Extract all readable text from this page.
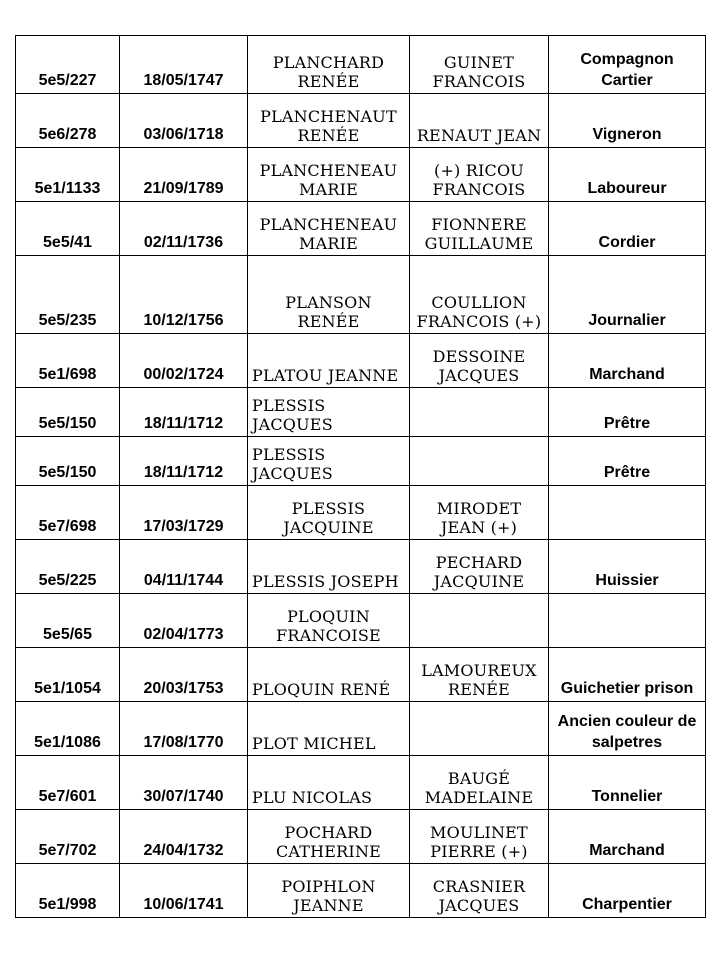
5e5/227	18/05/1747	PLANCHARD RENÉE	GUINET FRANCOIS	Compagnon Cartier
5e6/278	03/06/1718	PLANCHENAUT RENÉE	RENAUT JEAN	Vigneron
5e1/1133	21/09/1789	PLANCHENEAU MARIE	(+) RICOU FRANCOIS	Laboureur
5e5/41	02/11/1736	PLANCHENEAU MARIE	FIONNERE GUILLAUME	Cordier
5e5/235	10/12/1756	PLANSON RENÉE	COULLION FRANCOIS (+)	Journalier
5e1/698	00/02/1724	PLATOU JEANNE	DESSOINE JACQUES	Marchand
5e5/150	18/11/1712	PLESSIS JACQUES		Prêtre
5e5/150	18/11/1712	PLESSIS JACQUES		Prêtre
5e7/698	17/03/1729	PLESSIS JACQUINE	MIRODET JEAN (+)	
5e5/225	04/11/1744	PLESSIS JOSEPH	PECHARD JACQUINE	Huissier
5e5/65	02/04/1773	PLOQUIN FRANCOISE		
5e1/1054	20/03/1753	PLOQUIN RENÉ	LAMOUREUX RENÉE	Guichetier prison
5e1/1086	17/08/1770	PLOT MICHEL		Ancien couleur de salpetres
5e7/601	30/07/1740	PLU NICOLAS	BAUGÉ MADELAINE	Tonnelier
5e7/702	24/04/1732	POCHARD CATHERINE	MOULINET PIERRE (+)	Marchand
5e1/998	10/06/1741	POIPHLON JEANNE	CRASNIER JACQUES	Charpentier
